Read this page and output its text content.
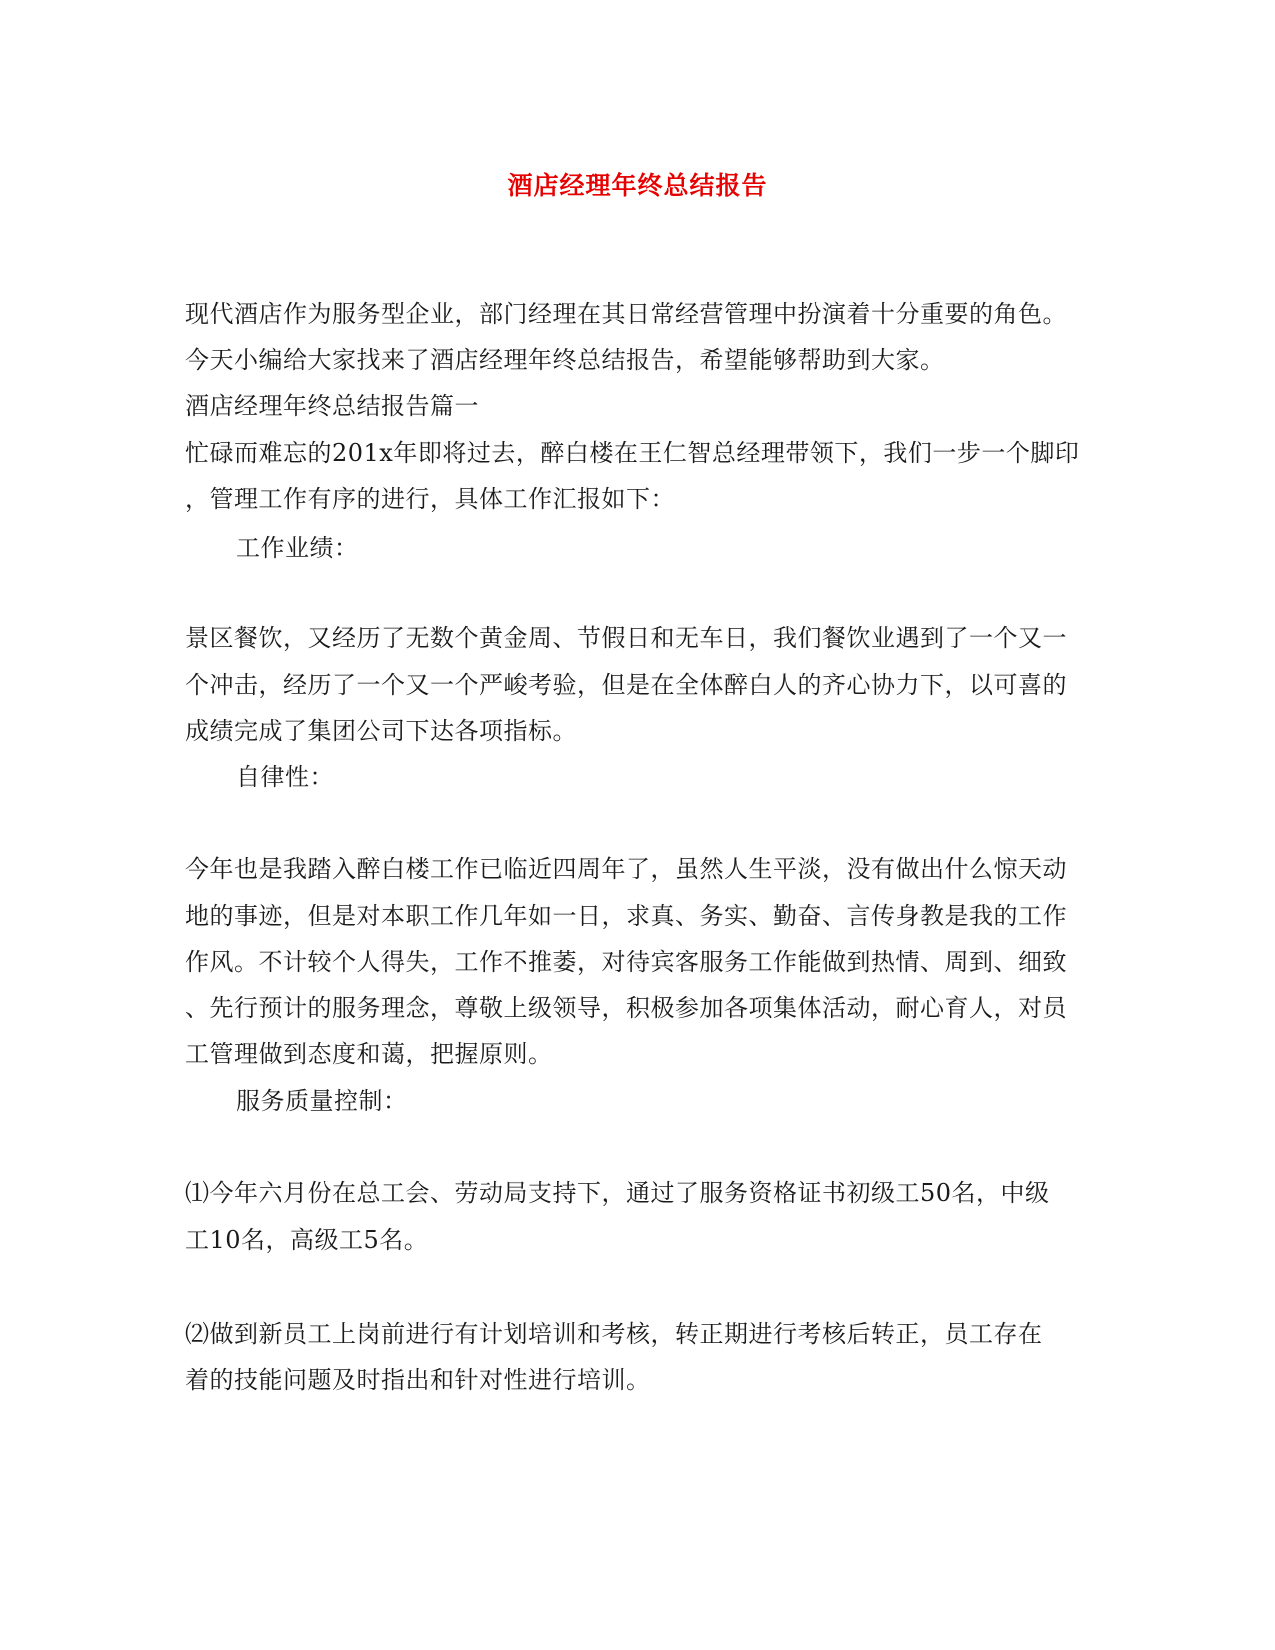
酒店经理年终总结报告
现代酒店作为服务型企业，部门经理在其日常经营管理中扮演着十分重要的角色。
今天小编给大家找来了酒店经理年终总结报告，希望能够帮助到大家。
酒店经理年终总结报告篇一
忙碌而难忘的201x年即将过去，醉白楼在王仁智总经理带领下，我们一步一个脚印
，管理工作有序的进行，具体工作汇报如下：
工作业绩：
景区餐饮，又经历了无数个黄金周、节假日和无车日，我们餐饮业遇到了一个又一
个冲击，经历了一个又一个严峻考验，但是在全体醉白人的齐心协力下，以可喜的
成绩完成了集团公司下达各项指标。
自律性：
今年也是我踏入醉白楼工作已临近四周年了，虽然人生平淡，没有做出什么惊天动
地的事迹，但是对本职工作几年如一日，求真、务实、勤奋、言传身教是我的工作
作风。不计较个人得失，工作不推萎，对待宾客服务工作能做到热情、周到、细致
、先行预计的服务理念，尊敬上级领导，积极参加各项集体活动，耐心育人，对员
工管理做到态度和蔼，把握原则。
服务质量控制：
⑴今年六月份在总工会、劳动局支持下，通过了服务资格证书初级工50名，中级
工10名，高级工5名。
⑵做到新员工上岗前进行有计划培训和考核，转正期进行考核后转正，员工存在
着的技能问题及时指出和针对性进行培训。
